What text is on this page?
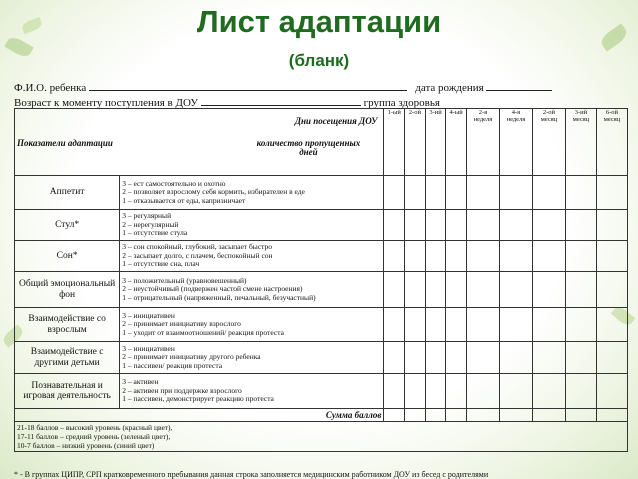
Лист адаптации
(бланк)
Ф.И.О. ребенка	дата рождения
Возраст к моменту поступления в ДОУ	группа здоровья
Дни посещения ДОУ
Показатели адаптации количество пропущенных дней		1-ый	2-ой	3-ий	4-ый	2-я неделя	4-я неделя	2-ой месяц	3-ий месяц	6-ой месяц
Аппетит	3 – ест самостоятельно и охотно
2 – позволяет взрослому себя кормить, избирателен в еде
1 – отказывается от еды, капризничает									

Стул*	3 – регулярный
2 – нерегулярный
1 – отсутствие стула									

Сон*	3 – сон спокойный, глубокий, засыпает быстро
2 – засыпает долго, с плачем, беспокойный сон
1 – отсутствие сна, плач									

Общий эмоциональный фон	3 – положительный (уравновешенный)
2 – неустойчивый (подвержен частой смене настроения)
1 – отрицательный (напряженный, печальный, безучастный)									

Взаимодействие со взрослым	3 – инициативен
2 – принимает инициативу взрослого
1 – уходит от взаимоотношений/ реакция протеста									

Взаимодействие с другими детьми	3 – инициативен
2 – принимает инициативу другого ребенка
1 – пассивен/ реакция протеста									

Познавательная и игровая деятельность	3 – активен
2 – активен при поддержке взрослого
1 – пассивен, демонстрирует реакцию протеста									

Сумма баллов										

21-18 баллов – высокий уровень (красный цвет),
17-11 баллов – средний уровень (зеленый цвет),
10-7 баллов – низкий уровень (синий цвет)										
* - В группах ЦИПР, СРП кратковременного пребывания данная строка заполняется медицинским работником ДОУ из бесед с родителями
